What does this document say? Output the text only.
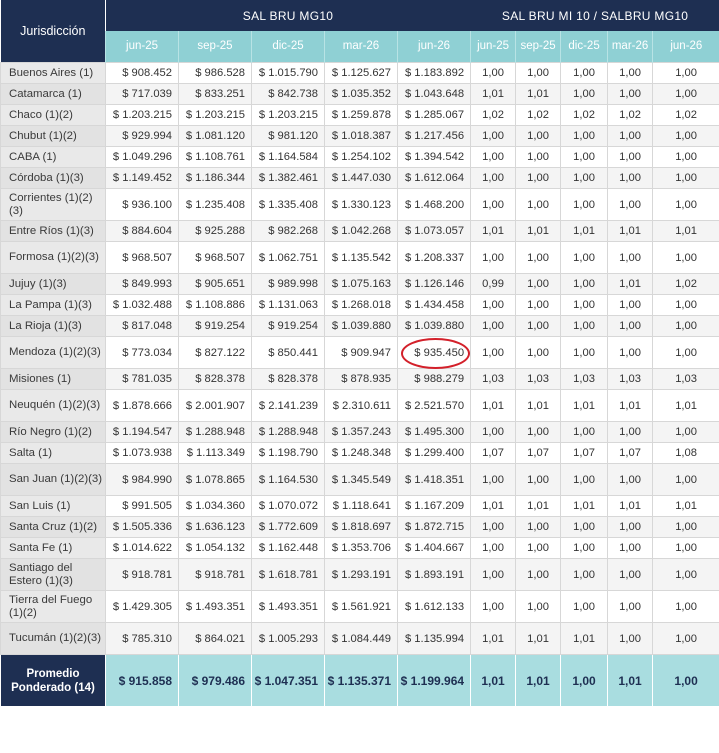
Jurisdicción	SAL BRU MG10					SAL BRU MI 10 / SALBRU MG10				
	jun-25	sep-25	dic-25	mar-26	jun-26	jun-25	sep-25	dic-25	mar-26	jun-26
Buenos Aires (1)	$ 908.452	$ 986.528	$ 1.015.790	$ 1.125.627	$ 1.183.892	1,00	1,00	1,00	1,00	1,00
Catamarca (1)	$ 717.039	$ 833.251	$ 842.738	$ 1.035.352	$ 1.043.648	1,01	1,01	1,00	1,00	1,00
Chaco (1)(2)	$ 1.203.215	$ 1.203.215	$ 1.203.215	$ 1.259.878	$ 1.285.067	1,02	1,02	1,02	1,02	1,02
Chubut (1)(2)	$ 929.994	$ 1.081.120	$ 981.120	$ 1.018.387	$ 1.217.456	1,00	1,00	1,00	1,00	1,00
CABA (1)	$ 1.049.296	$ 1.108.761	$ 1.164.584	$ 1.254.102	$ 1.394.542	1,00	1,00	1,00	1,00	1,00
Córdoba (1)(3)	$ 1.149.452	$ 1.186.344	$ 1.382.461	$ 1.447.030	$ 1.612.064	1,00	1,00	1,00	1,00	1,00
Corrientes (1)(2)(3)	$ 936.100	$ 1.235.408	$ 1.335.408	$ 1.330.123	$ 1.468.200	1,00	1,00	1,00	1,00	1,00
Entre Ríos (1)(3)	$ 884.604	$ 925.288	$ 982.268	$ 1.042.268	$ 1.073.057	1,01	1,01	1,01	1,01	1,01
Formosa (1)(2)(3)	$ 968.507	$ 968.507	$ 1.062.751	$ 1.135.542	$ 1.208.337	1,00	1,00	1,00	1,00	1,00
Jujuy (1)(3)	$ 849.993	$ 905.651	$ 989.998	$ 1.075.163	$ 1.126.146	0,99	1,00	1,00	1,01	1,02
La Pampa (1)(3)	$ 1.032.488	$ 1.108.886	$ 1.131.063	$ 1.268.018	$ 1.434.458	1,00	1,00	1,00	1,00	1,00
La Rioja (1)(3)	$ 817.048	$ 919.254	$ 919.254	$ 1.039.880	$ 1.039.880	1,00	1,00	1,00	1,00	1,00
Mendoza (1)(2)(3)	$ 773.034	$ 827.122	$ 850.441	$ 909.947	$ 935.450	1,00	1,00	1,00	1,00	1,00
Misiones (1)	$ 781.035	$ 828.378	$ 828.378	$ 878.935	$ 988.279	1,03	1,03	1,03	1,03	1,03
Neuquén (1)(2)(3)	$ 1.878.666	$ 2.001.907	$ 2.141.239	$ 2.310.611	$ 2.521.570	1,01	1,01	1,01	1,01	1,01
Río Negro (1)(2)	$ 1.194.547	$ 1.288.948	$ 1.288.948	$ 1.357.243	$ 1.495.300	1,00	1,00	1,00	1,00	1,00
Salta (1)	$ 1.073.938	$ 1.113.349	$ 1.198.790	$ 1.248.348	$ 1.299.400	1,07	1,07	1,07	1,07	1,08
San Juan (1)(2)(3)	$ 984.990	$ 1.078.865	$ 1.164.530	$ 1.345.549	$ 1.418.351	1,00	1,00	1,00	1,00	1,00
San Luis (1)	$ 991.505	$ 1.034.360	$ 1.070.072	$ 1.118.641	$ 1.167.209	1,01	1,01	1,01	1,01	1,01
Santa Cruz (1)(2)	$ 1.505.336	$ 1.636.123	$ 1.772.609	$ 1.818.697	$ 1.872.715	1,00	1,00	1,00	1,00	1,00
Santa Fe (1)	$ 1.014.622	$ 1.054.132	$ 1.162.448	$ 1.353.706	$ 1.404.667	1,00	1,00	1,00	1,00	1,00
Santiago del Estero (1)(3)	$ 918.781	$ 918.781	$ 1.618.781	$ 1.293.191	$ 1.893.191	1,00	1,00	1,00	1,00	1,00
Tierra del Fuego (1)(2)	$ 1.429.305	$ 1.493.351	$ 1.493.351	$ 1.561.921	$ 1.612.133	1,00	1,00	1,00	1,00	1,00
Tucumán (1)(2)(3)	$ 785.310	$ 864.021	$ 1.005.293	$ 1.084.449	$ 1.135.994	1,01	1,01	1,01	1,00	1,00
Promedio Ponderado (14)	$ 915.858	$ 979.486	$ 1.047.351	$ 1.135.371	$ 1.199.964	1,01	1,01	1,00	1,01	1,00
